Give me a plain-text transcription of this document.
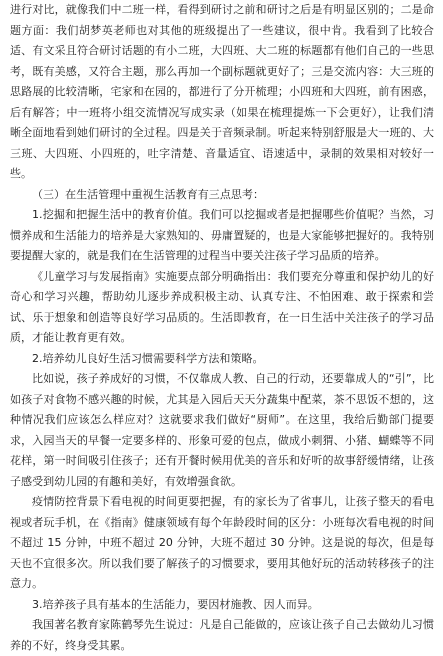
进行对比，就像我们中二班一样，看得到研讨之前和研讨之后是有明显区别的；二是命题方面：我们胡梦英老师也对其他的班级提出了一些建议，很中肯。我看到了比较合适、有文采且符合研讨话题的有小二班，大四班、大二班的标题都有他们自己的一些思考，既有美感，又符合主题，那么再加一个副标题就更好了；三是交流内容：大三班的思路展的比较清晰，宅家和在园的，都进行了分开梳理；小四班和大四班，前有困惑，后有解答；中一班将小组交流情况写成实录（如果在梳理提炼一下会更好），让我们清晰全面地看到她们研讨的全过程。四是关于音频录制。听起来特别舒服是大一班的、大三班、大四班、小四班的，吐字清楚、音量适宜、语速适中，录制的效果相对较好一些。

（三）在生活管理中重视生活教育有三点思考：

1.挖掘和把握生活中的教育价值。我们可以挖掘或者是把握哪些价值呢？当然，习惯养成和生活能力的培养是大家熟知的、毋庸置疑的，也是大家能够把握好的。我特别要提醒大家的，就是我们在生活管理的过程当中要关注孩子学习品质的培养。

《儿童学习与发展指南》实施要点部分明确指出：我们要充分尊重和保护幼儿的好奇心和学习兴趣，帮助幼儿逐步养成积极主动、认真专注、不怕困难、敢于探索和尝试、乐于想象和创造等良好学习品质的。生活即教育，在一日生活中关注孩子的学习品质，才能让教育更有效。

2.培养幼儿良好生活习惯需要科学方法和策略。

比如说，孩子养成好的习惯，不仅靠成人教、自己的行动，还要靠成人的“引”，比如孩子对食物不感兴趣的时候，尤其是入园后天天分蔬集中配菜，茶不思饭不想的，这种情况我们应该怎么样应对？这就要求我们做好“厨师”。在这里，我给后勤部门提要求，入园当天的早餐一定要多样的、形象可爱的包点，做成小刺猬、小猪、蝴蝶等不同花样，第一时间吸引住孩子；还有开餐时候用优美的音乐和好听的故事舒缓情绪，让孩子感受到幼儿园的有趣和美好，有效增强食欲。

疫情防控背景下看电视的时间更要把握，有的家长为了省事儿，让孩子整天的看电视或者玩手机，在《指南》健康领域有每个年龄段时间的区分：小班每次看电视的时间不超过 15 分钟，中班不超过 20 分钟，大班不超过 30 分钟。这是说的每次，但是每天也不宜很多次。所以我们要了解孩子的习惯要求，要用其他好玩的活动转移孩子的注意力。

3.培养孩子具有基本的生活能力，要因材施教、因人而异。

我国著名教育家陈鹤琴先生说过：凡是自己能做的，应该让孩子自己去做幼儿习惯养的不好，终身受其累。
